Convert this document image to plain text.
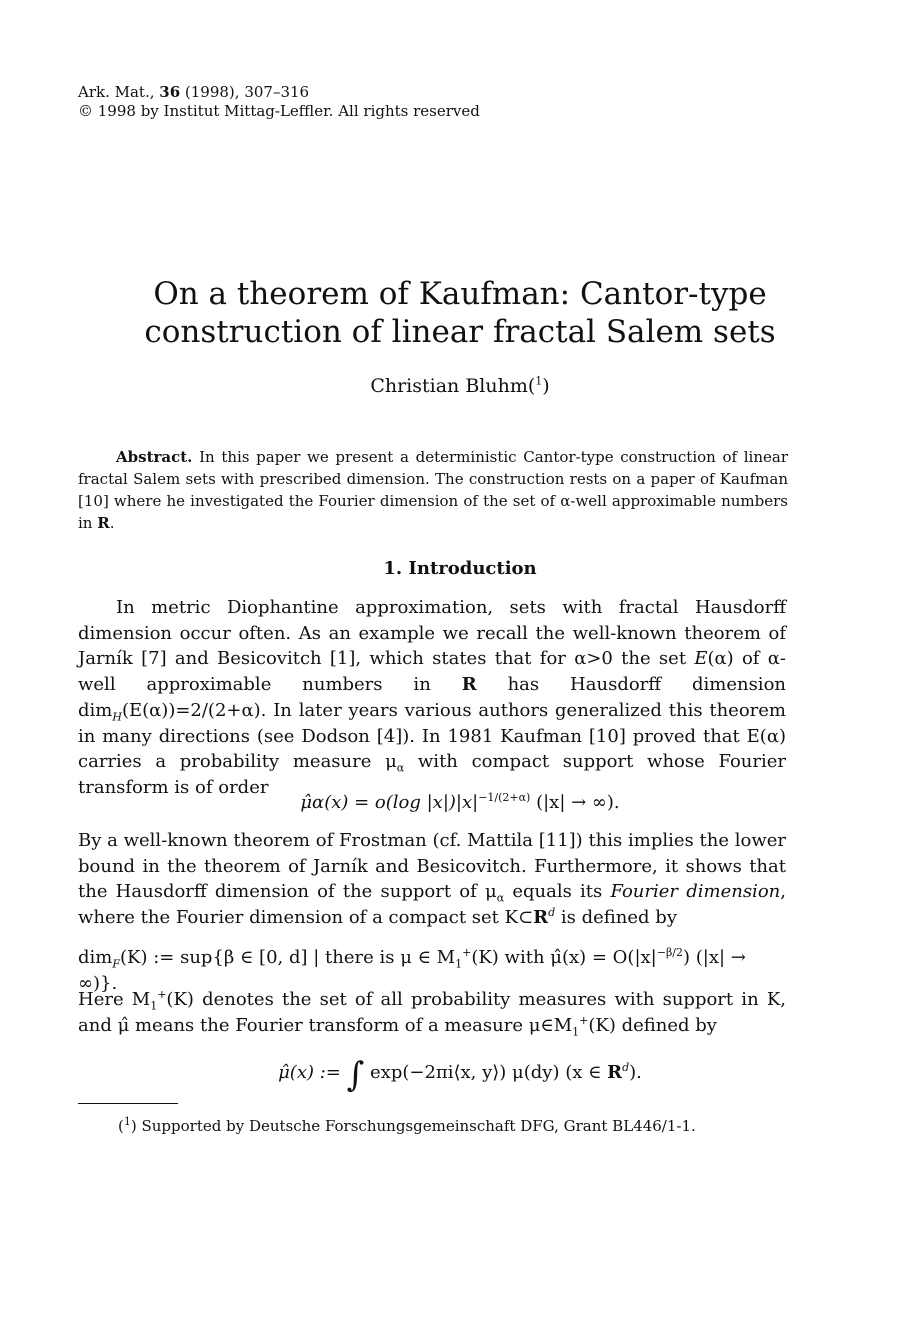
Ark. Mat., 36 (1998), 307–316
© 1998 by Institut Mittag-Leffler. All rights reserved
On a theorem of Kaufman: Cantor-type
construction of linear fractal Salem sets
Christian Bluhm($^1$)
Abstract. In this paper we present a deterministic Cantor-type construction of linear fractal Salem sets with prescribed dimension. The construction rests on a paper of Kaufman [10] where he investigated the Fourier dimension of the set of α-well approximable numbers in R.
1. Introduction
In metric Diophantine approximation, sets with fractal Hausdorff dimension occur often. As an example we recall the well-known theorem of Jarník [7] and Besicovitch [1], which states that for α>0 the set E(α) of α-well approximable numbers in R has Hausdorff dimension dim$_H$(E(α))=2/(2+α). In later years various authors generalized this theorem in many directions (see Dodson [4]). In 1981 Kaufman [10] proved that E(α) carries a probability measure $\mu_\alpha$ with compact support whose Fourier transform is of order
μ̂α(x) = o(log $|x|)|x|^{-1/(2+\alpha)}$ (|x| → ∞).
By a well-known theorem of Frostman (cf. Mattila [11]) this implies the lower bound in the theorem of Jarník and Besicovitch. Furthermore, it shows that the Hausdorff dimension of the support of $\mu_\alpha$ equals its Fourier dimension, where the Fourier dimension of a compact set $K\subset R^d$ is defined by
dim$_F$(K) := sup{β ∈ [0, d] | there is μ ∈ $M_1^+(K)$ with μ̂(x) = $O(|x|^{-\beta/2}) (|x|$ → ∞)}.
Here $M_1^+(K)$ denotes the set of all probability measures with support in K, and μ̂ means the Fourier transform of a measure $\mu\in M_1^+(K)$ defined by
μ̂(x) := ∫ exp(−2πi⟨x, y⟩) μ(dy) (x ∈ $R^d$).
($^1$) Supported by Deutsche Forschungsgemeinschaft DFG, Grant BL446/1-1.
